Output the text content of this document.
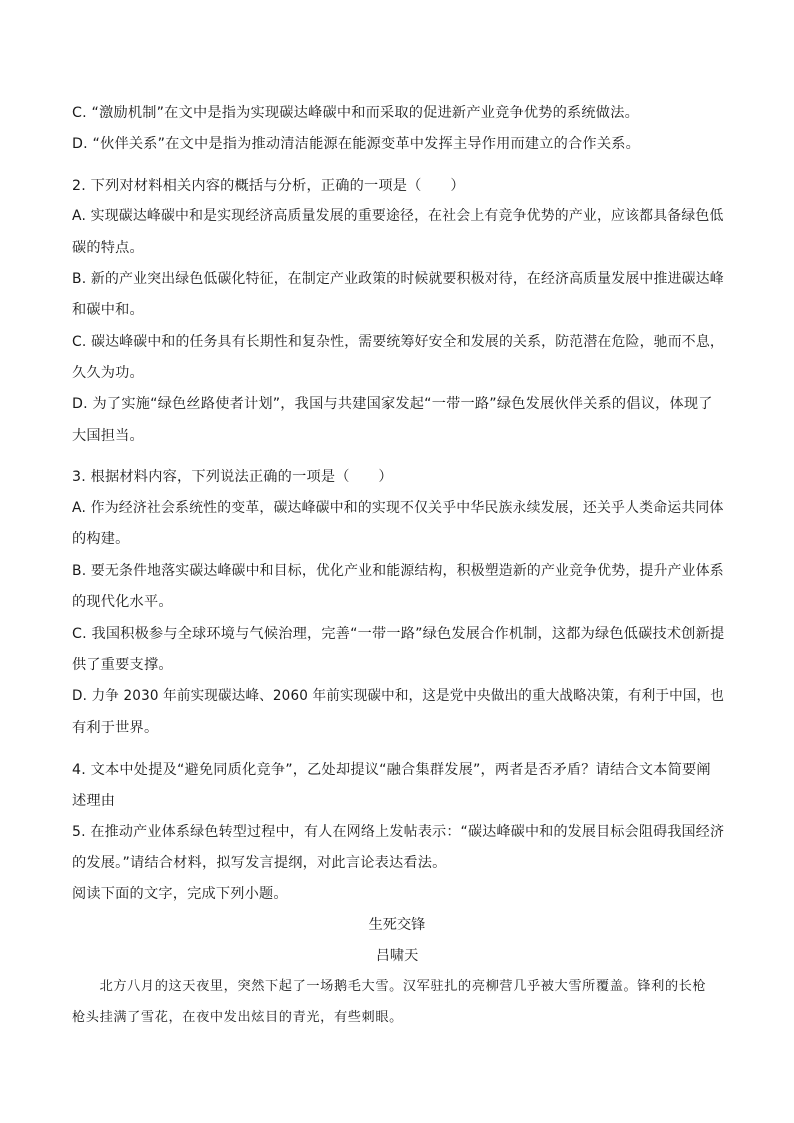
C. “激励机制”在文中是指为实现碳达峰碳中和而采取的促进新产业竞争优势的系统做法。
D. “伙伴关系”在文中是指为推动清洁能源在能源变革中发挥主导作用而建立的合作关系。
2. 下列对材料相关内容的概括与分析，正确的一项是（　　）
A. 实现碳达峰碳中和是实现经济高质量发展的重要途径，在社会上有竞争优势的产业，应该都具备绿色低
碳的特点。
B. 新的产业突出绿色低碳化特征，在制定产业政策的时候就要积极对待，在经济高质量发展中推进碳达峰
和碳中和。
C. 碳达峰碳中和的任务具有长期性和复杂性，需要统筹好安全和发展的关系，防范潜在危险，驰而不息，
久久为功。
D. 为了实施“绿色丝路使者计划”，我国与共建国家发起“一带一路”绿色发展伙伴关系的倡议，体现了
大国担当。
3. 根据材料内容，下列说法正确的一项是（　　）
A. 作为经济社会系统性的变革，碳达峰碳中和的实现不仅关乎中华民族永续发展，还关乎人类命运共同体
的构建。
B. 要无条件地落实碳达峰碳中和目标，优化产业和能源结构，积极塑造新的产业竞争优势，提升产业体系
的现代化水平。
C. 我国积极参与全球环境与气候治理，完善“一带一路”绿色发展合作机制，这都为绿色低碳技术创新提
供了重要支撑。
D. 力争 2030 年前实现碳达峰、2060 年前实现碳中和，这是党中央做出的重大战略决策，有利于中国，也
有利于世界。
4. 文本中处提及“避免同质化竞争”，乙处却提议“融合集群发展”，两者是否矛盾？请结合文本简要阐
述理由
5. 在推动产业体系绿色转型过程中，有人在网络上发帖表示：“碳达峰碳中和的发展目标会阻碍我国经济
的发展。”请结合材料，拟写发言提纲，对此言论表达看法。
阅读下面的文字，完成下列小题。
生死交锋
吕啸天
　　北方八月的这天夜里，突然下起了一场鹅毛大雪。汉军驻扎的亮柳营几乎被大雪所覆盖。锋利的长枪
枪头挂满了雪花，在夜中发出炫目的青光，有些刺眼。
